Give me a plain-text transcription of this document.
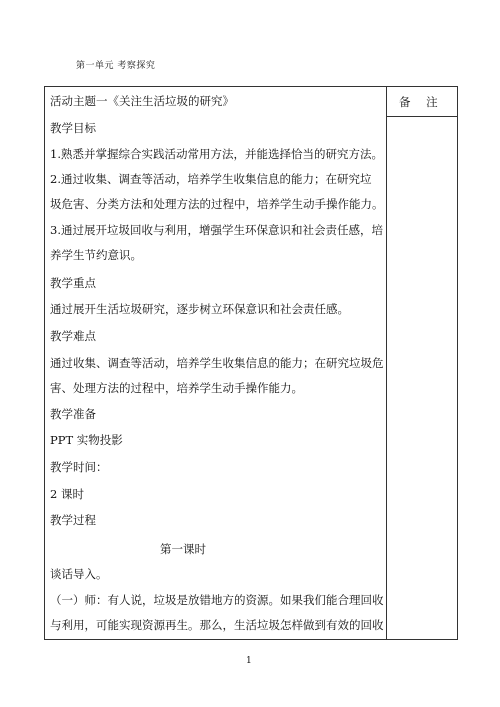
第一单元 考察探究
备 注
活动主题一《关注生活垃圾的研究》
教学目标
1.熟悉并掌握综合实践活动常用方法，并能选择恰当的研究方法。
2.通过收集、调查等活动，培养学生收集信息的能力；在研究垃
圾危害、分类方法和处理方法的过程中，培养学生动手操作能力。
3.通过展开垃圾回收与利用，增强学生环保意识和社会责任感，培
养学生节约意识。
教学重点
通过展开生活垃圾研究，逐步树立环保意识和社会责任感。
教学难点
通过收集、调查等活动，培养学生收集信息的能力；在研究垃圾危
害、处理方法的过程中，培养学生动手操作能力。
教学准备
PPT 实物投影
教学时间：
2 课时
教学过程
第一课时
谈话导入。
（一）师：有人说，垃圾是放错地方的资源。如果我们能合理回收
与利用，可能实现资源再生。那么，生活垃圾怎样做到有效的回收
1
